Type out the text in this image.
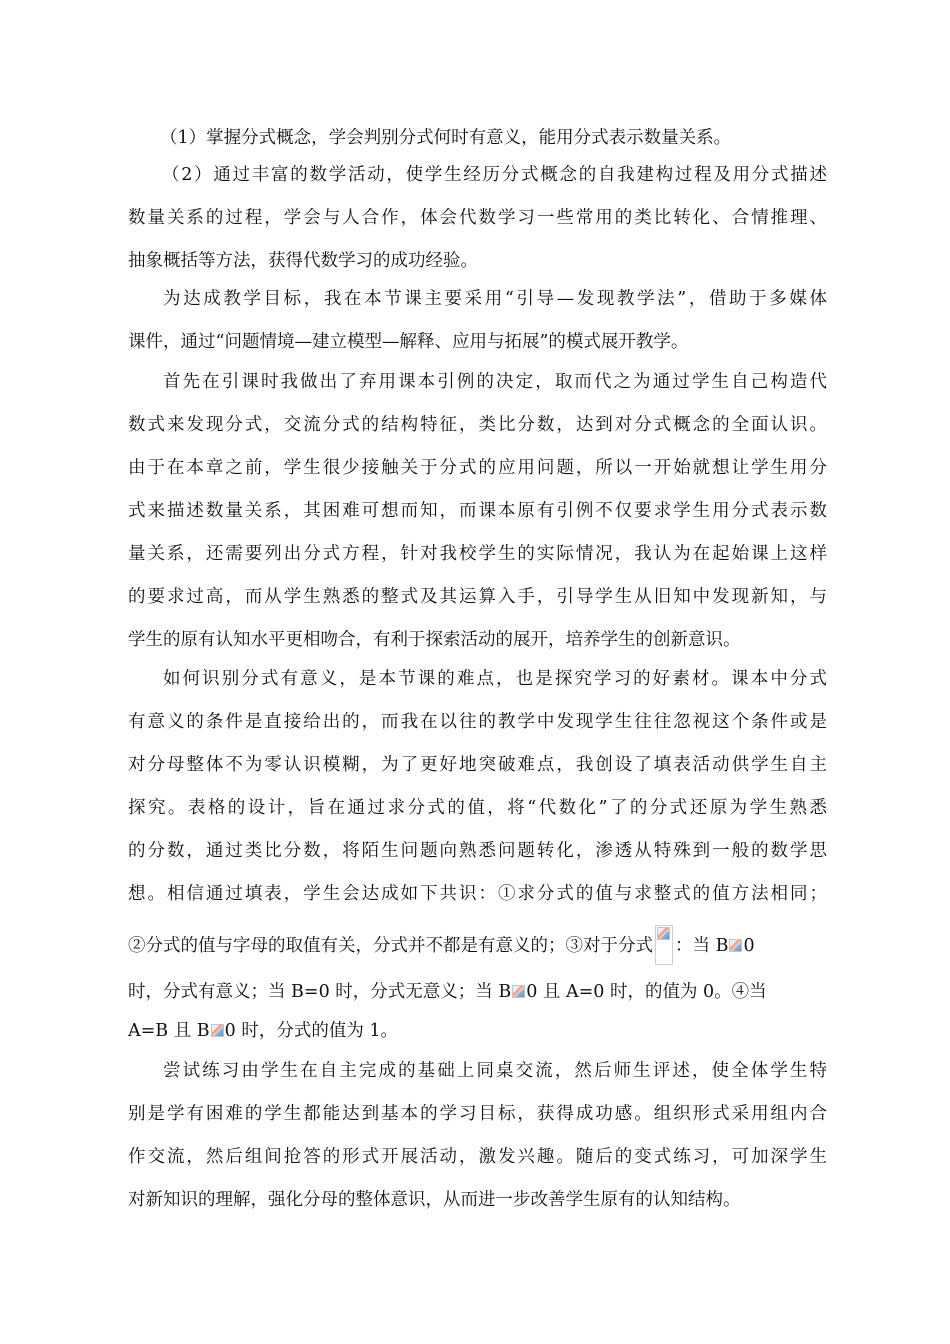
（1）掌握分式概念，学会判别分式何时有意义，能用分式表示数量关系。
（2）通过丰富的数学活动，使学生经历分式概念的自我建构过程及用分式描述
数量关系的过程，学会与人合作，体会代数学习一些常用的类比转化、合情推理、
抽象概括等方法，获得代数学习的成功经验。
为达成教学目标，我在本节课主要采用“引导—发现教学法”，借助于多媒体
课件，通过“问题情境—建立模型—解释、应用与拓展”的模式展开教学。
首先在引课时我做出了弃用课本引例的决定，取而代之为通过学生自己构造代
数式来发现分式，交流分式的结构特征，类比分数，达到对分式概念的全面认识。
由于在本章之前，学生很少接触关于分式的应用问题，所以一开始就想让学生用分
式来描述数量关系，其困难可想而知，而课本原有引例不仅要求学生用分式表示数
量关系，还需要列出分式方程，针对我校学生的实际情况，我认为在起始课上这样
的要求过高，而从学生熟悉的整式及其运算入手，引导学生从旧知中发现新知，与
学生的原有认知水平更相吻合，有利于探索活动的展开，培养学生的创新意识。
如何识别分式有意义，是本节课的难点，也是探究学习的好素材。课本中分式
有意义的条件是直接给出的，而我在以往的教学中发现学生往往忽视这个条件或是
对分母整体不为零认识模糊，为了更好地突破难点，我创设了填表活动供学生自主
探究。表格的设计，旨在通过求分式的值，将“代数化”了的分式还原为学生熟悉
的分数，通过类比分数，将陌生问题向熟悉问题转化，渗透从特殊到一般的数学思
想。相信通过填表，学生会达成如下共识：①求分式的值与求整式的值方法相同；
②分式的值与字母的取值有关，分式并不都是有意义的；③对于分式 ：当 B 0
时，分式有意义；当 B=0 时，分式无意义；当 B 0 且 A=0 时，的值为 0。④当
A=B 且 B 0 时，分式的值为 1。
尝试练习由学生在自主完成的基础上同桌交流，然后师生评述，使全体学生特
别是学有困难的学生都能达到基本的学习目标，获得成功感。组织形式采用组内合
作交流，然后组间抢答的形式开展活动，激发兴趣。随后的变式练习，可加深学生
对新知识的理解，强化分母的整体意识，从而进一步改善学生原有的认知结构。
